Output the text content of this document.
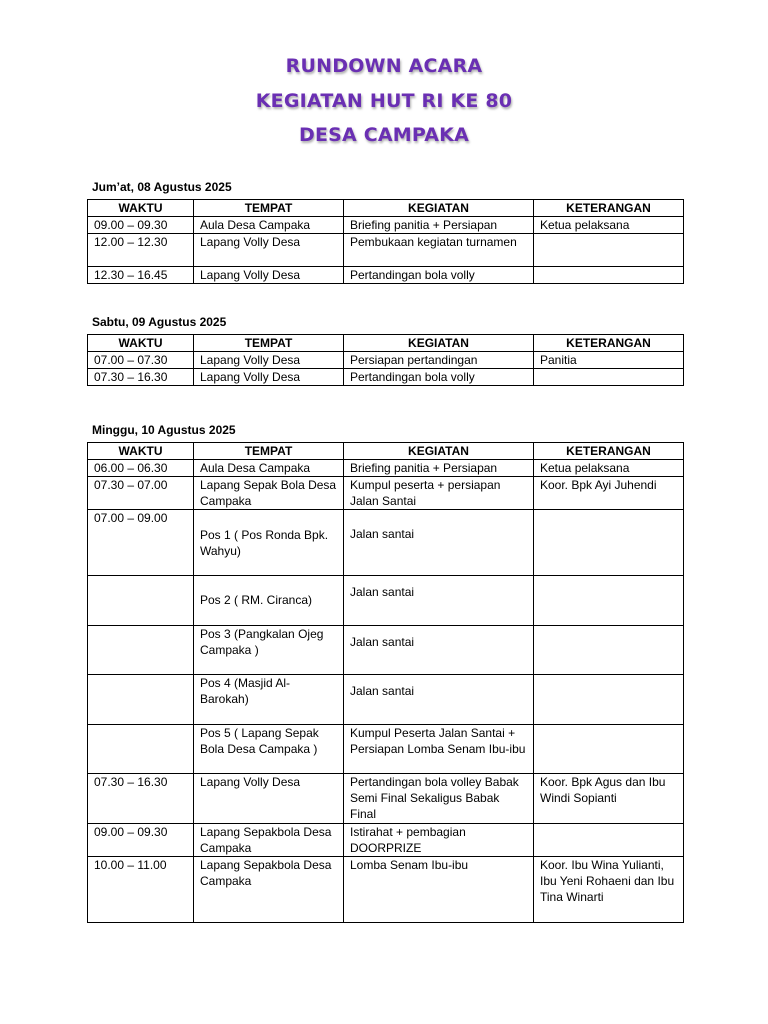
RUNDOWN ACARA
KEGIATAN HUT RI KE 80
DESA CAMPAKA
Jum’at, 08 Agustus 2025
WAKTU	TEMPAT	KEGIATAN	KETERANGAN
09.00 – 09.30	Aula Desa Campaka	Briefing panitia + Persiapan	Ketua pelaksana
12.00 – 12.30	Lapang Volly Desa	Pembukaan kegiatan turnamen	
12.30 – 16.45	Lapang Volly Desa	Pertandingan bola volly	
Sabtu, 09 Agustus 2025
WAKTU	TEMPAT	KEGIATAN	KETERANGAN
07.00 – 07.30	Lapang Volly Desa	Persiapan pertandingan	Panitia
07.30 – 16.30	Lapang Volly Desa	Pertandingan bola volly	
Minggu, 10 Agustus 2025
WAKTU	TEMPAT	KEGIATAN	KETERANGAN
06.00 – 06.30	Aula Desa Campaka	Briefing panitia + Persiapan	Ketua pelaksana
07.30 – 07.00	Lapang Sepak Bola Desa Campaka	Kumpul peserta + persiapan Jalan Santai	Koor. Bpk Ayi Juhendi
07.00 – 09.00	Pos 1 ( Pos Ronda Bpk. Wahyu)	Jalan santai	
	Pos 2 ( RM. Ciranca)	Jalan santai	
	Pos 3 (Pangkalan Ojeg Campaka )	Jalan santai	
	Pos 4 (Masjid Al-Barokah)	Jalan santai	
	Pos 5 ( Lapang Sepak Bola Desa Campaka )	Kumpul Peserta Jalan Santai + Persiapan Lomba Senam Ibu-ibu	
07.30 – 16.30	Lapang Volly Desa	Pertandingan bola volley Babak Semi Final Sekaligus Babak Final	Koor. Bpk Agus dan Ibu Windi Sopianti
09.00 – 09.30	Lapang Sepakbola Desa Campaka	Istirahat + pembagian DOORPRIZE	
10.00 – 11.00	Lapang Sepakbola Desa Campaka	Lomba Senam Ibu-ibu	Koor. Ibu Wina Yulianti, Ibu Yeni Rohaeni dan Ibu Tina Winarti
